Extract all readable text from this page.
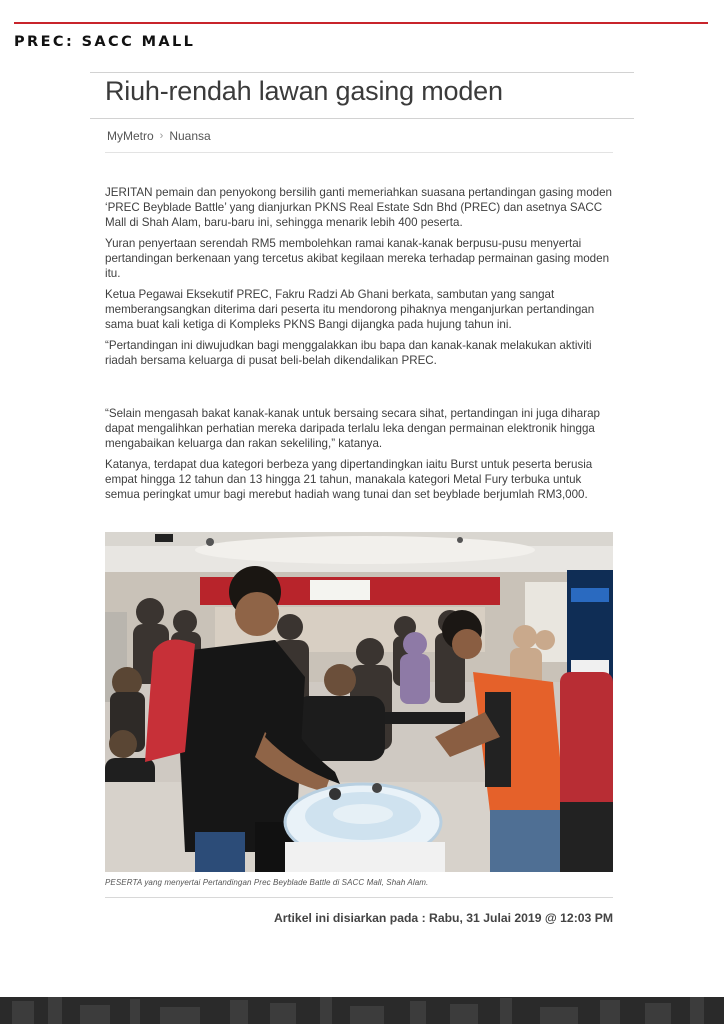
PREC: SACC MALL
Riuh-rendah lawan gasing moden
MyMetro › Nuansa

JERITAN pemain dan penyokong bersilih ganti memeriahkan suasana pertandingan gasing moden ‘PREC Beyblade Battle’ yang dianjurkan PKNS Real Estate Sdn Bhd (PREC) dan asetnya SACC Mall di Shah Alam, baru-baru ini, sehingga menarik lebih 400 peserta.

Yuran penyertaan serendah RM5 membolehkan ramai kanak-kanak berpusu-pusu menyertai pertandingan berkenaan yang tercetus akibat kegilaan mereka terhadap permainan gasing moden itu.

Ketua Pegawai Eksekutif PREC, Fakru Radzi Ab Ghani berkata, sambutan yang sangat memberangsangkan diterima dari peserta itu mendorong pihaknya menganjurkan pertandingan sama buat kali ketiga di Kompleks PKNS Bangi dijangka pada hujung tahun ini.

“Pertandingan ini diwujudkan bagi menggalakkan ibu bapa dan kanak-kanak melakukan aktiviti riadah bersama keluarga di pusat beli-belah dikendalikan PREC.

“Selain mengasah bakat kanak-kanak untuk bersaing secara sihat, pertandingan ini juga diharap dapat mengalihkan perhatian mereka daripada terlalu leka dengan permainan elektronik hingga mengabaikan keluarga dan rakan sekeliling,” katanya.

Katanya, terdapat dua kategori berbeza yang dipertandingkan iaitu Burst untuk peserta berusia empat hingga 12 tahun dan 13 hingga 21 tahun, manakala kategori Metal Fury terbuka untuk semua peringkat umur bagi merebut hadiah wang tunai dan set beyblade berjumlah RM3,000.

PESERTA yang menyertai Pertandingan Prec Beyblade Battle di SACC Mall, Shah Alam.
Artikel ini disiarkan pada : Rabu, 31 Julai 2019 @ 12:03 PM
